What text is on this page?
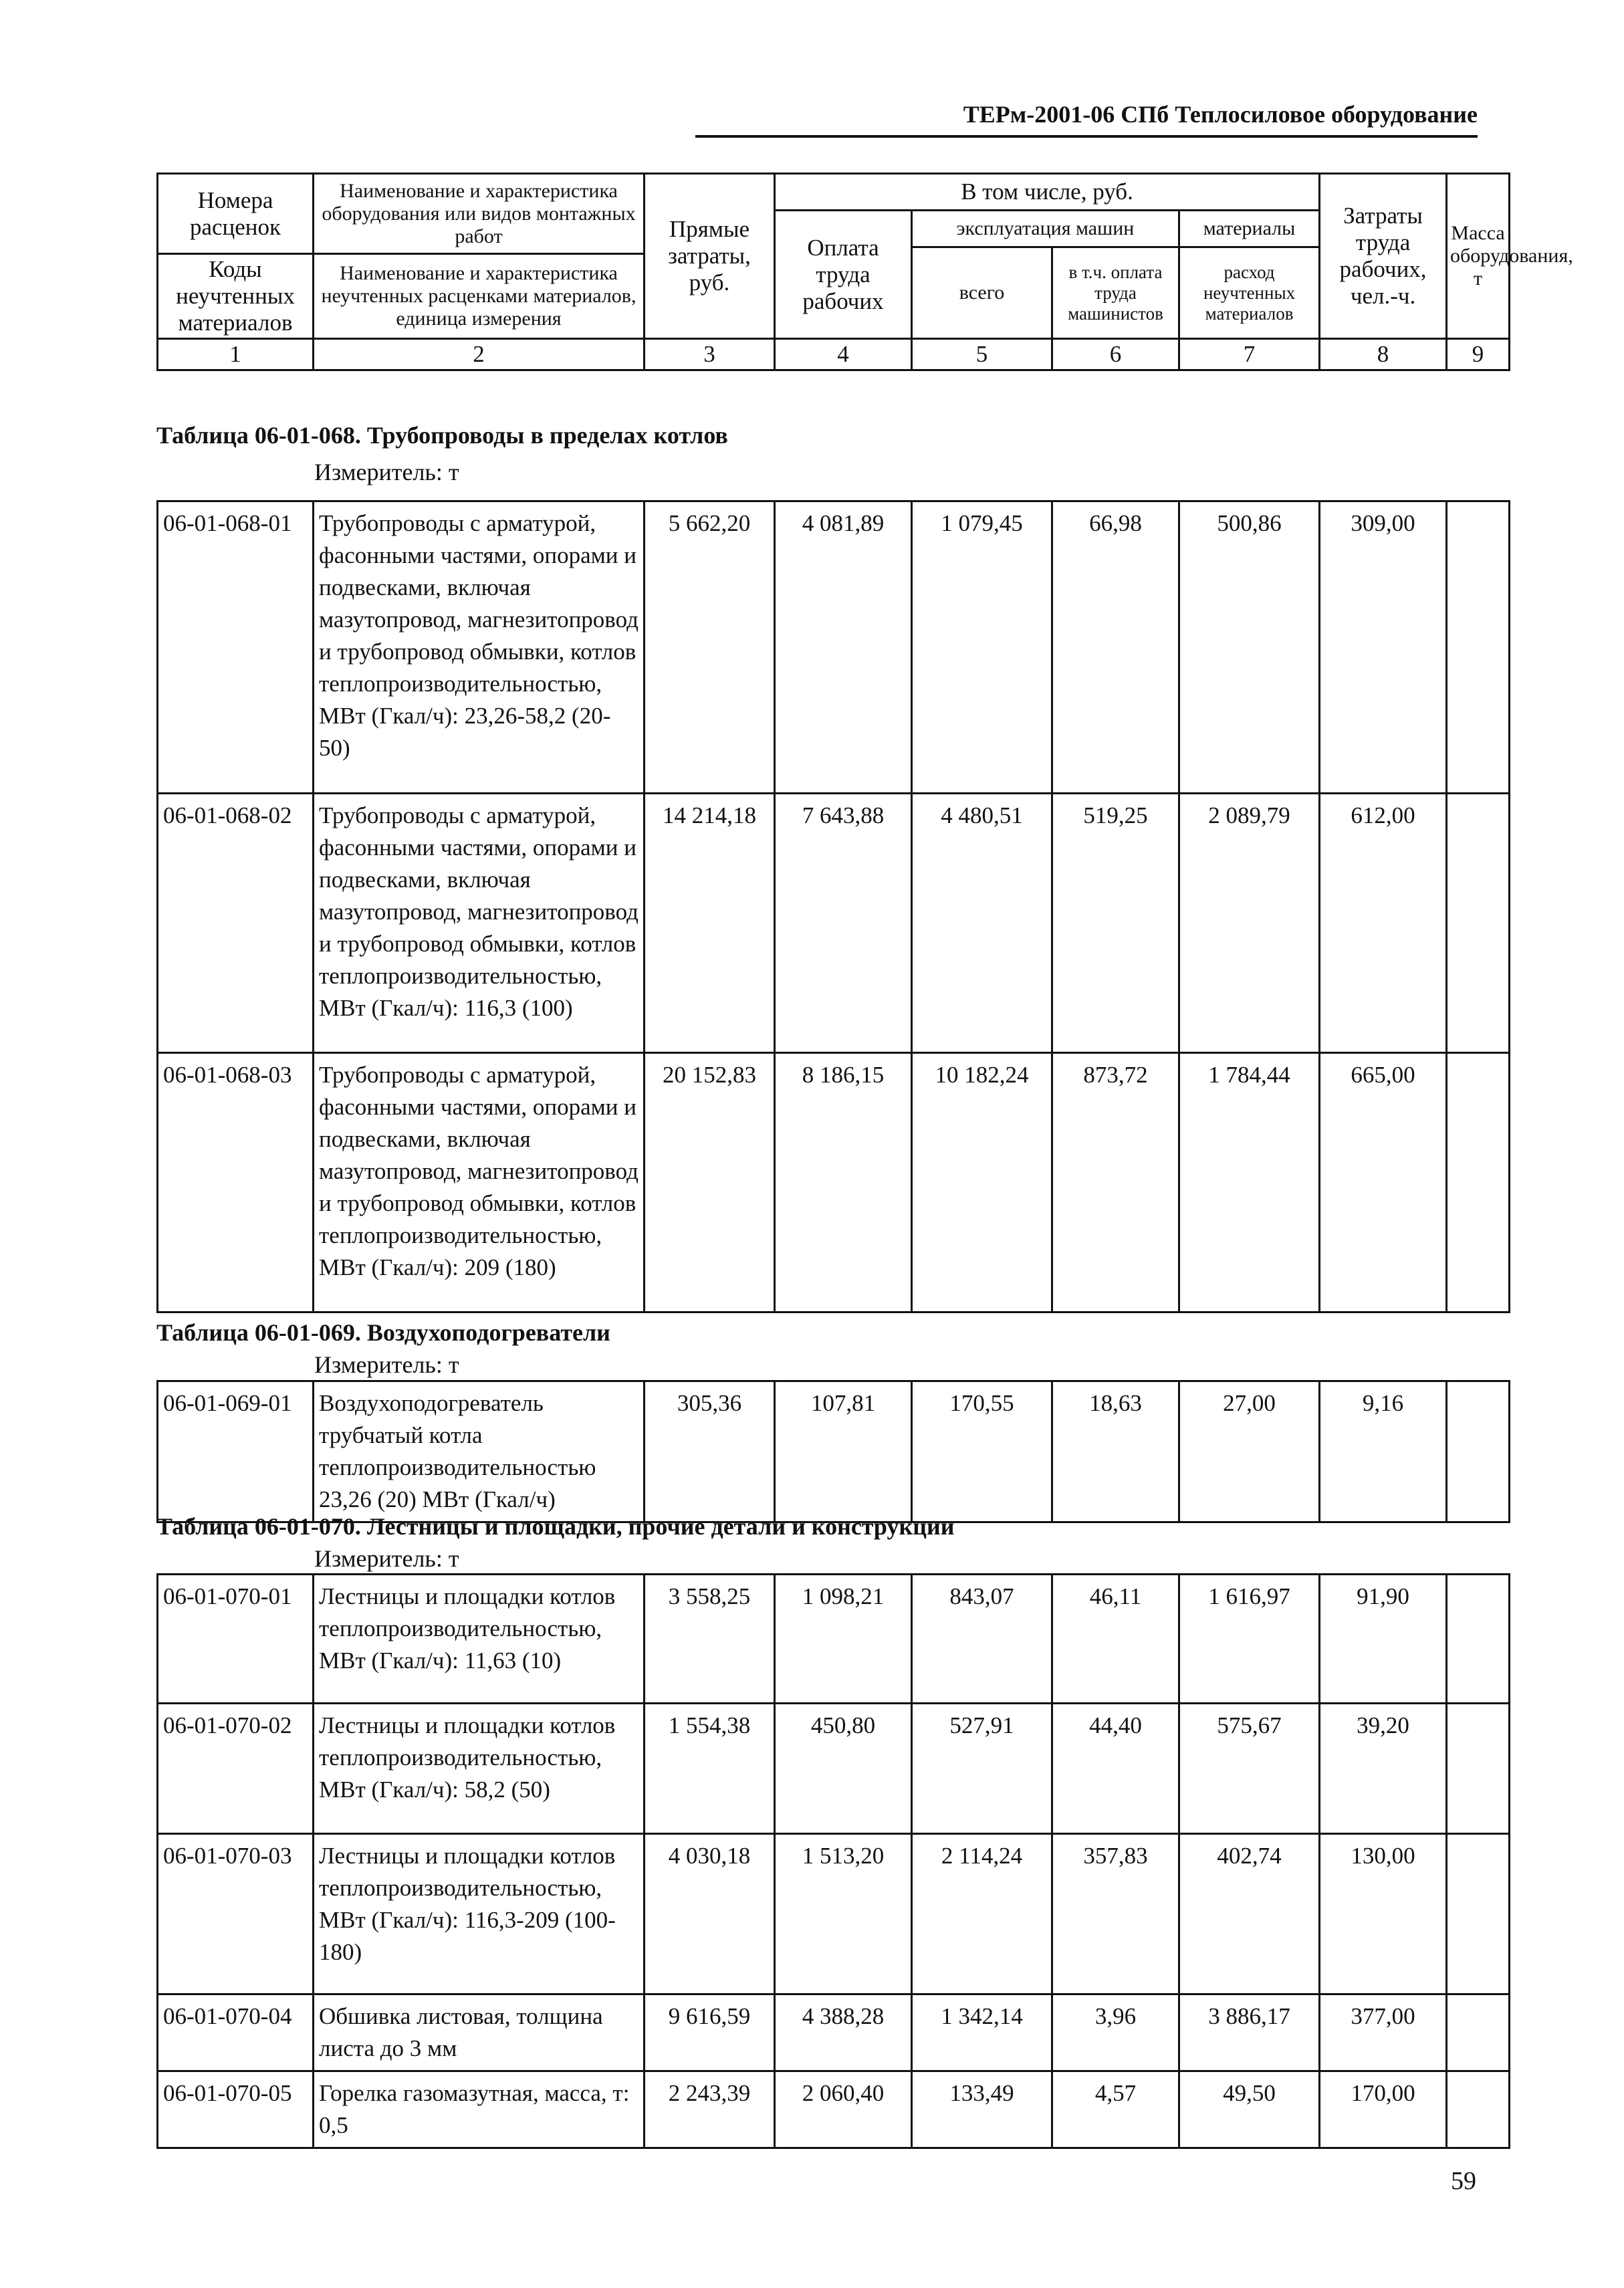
ТЕРм-2001-06 СПб Теплосиловое оборудование
Номера расценок	Наименование и характеристика оборудования или видов монтажных работ	Прямые затраты, руб.	В том числе, руб.				Затраты труда рабочих, чел.-ч.	Масса оборудования, т
			Оплата труда рабочих	эксплуатация машин		материалы		
				всего	в т.ч. оплата труда машинистов	расход неучтенных материалов		
Коды неучтенных материалов	Наименование и характеристика неучтенных расценками материалов, единица измерения							

1	2	3	4	5	6	7	8	9
Таблица 06-01-068. Трубопроводы в пределах котлов
Измеритель: т
06-01-068-01	Трубопроводы с арматурой, фасонными частями, опорами и подвесками, включая мазутопровод, магнезитопровод и трубопровод обмывки, котлов теплопроизводительностью, МВт (Гкал/ч): 23,26-58,2 (20-50)	5 662,20	4 081,89	1 079,45	66,98	500,86	309,00	
06-01-068-02	Трубопроводы с арматурой, фасонными частями, опорами и подвесками, включая мазутопровод, магнезитопровод и трубопровод обмывки, котлов теплопроизводительностью, МВт (Гкал/ч): 116,3 (100)	14 214,18	7 643,88	4 480,51	519,25	2 089,79	612,00	
06-01-068-03	Трубопроводы с арматурой, фасонными частями, опорами и подвесками, включая мазутопровод, магнезитопровод и трубопровод обмывки, котлов теплопроизводительностью, МВт (Гкал/ч): 209 (180)	20 152,83	8 186,15	10 182,24	873,72	1 784,44	665,00	
Таблица 06-01-069. Воздухоподогреватели
Измеритель: т
06-01-069-01	Воздухоподогреватель трубчатый котла теплопроизводительностью 23,26 (20) МВт (Гкал/ч)	305,36	107,81	170,55	18,63	27,00	9,16	
Таблица 06-01-070. Лестницы и площадки, прочие детали и конструкции
Измеритель: т
06-01-070-01	Лестницы и площадки котлов теплопроизводительностью, МВт (Гкал/ч): 11,63 (10)	3 558,25	1 098,21	843,07	46,11	1 616,97	91,90	
06-01-070-02	Лестницы и площадки котлов теплопроизводительностью, МВт (Гкал/ч): 58,2 (50)	1 554,38	450,80	527,91	44,40	575,67	39,20	
06-01-070-03	Лестницы и площадки котлов теплопроизводительностью, МВт (Гкал/ч): 116,3-209 (100-180)	4 030,18	1 513,20	2 114,24	357,83	402,74	130,00	
06-01-070-04	Обшивка листовая, толщина листа до 3 мм	9 616,59	4 388,28	1 342,14	3,96	3 886,17	377,00	
06-01-070-05	Горелка газомазутная, масса, т: 0,5	2 243,39	2 060,40	133,49	4,57	49,50	170,00	
59
